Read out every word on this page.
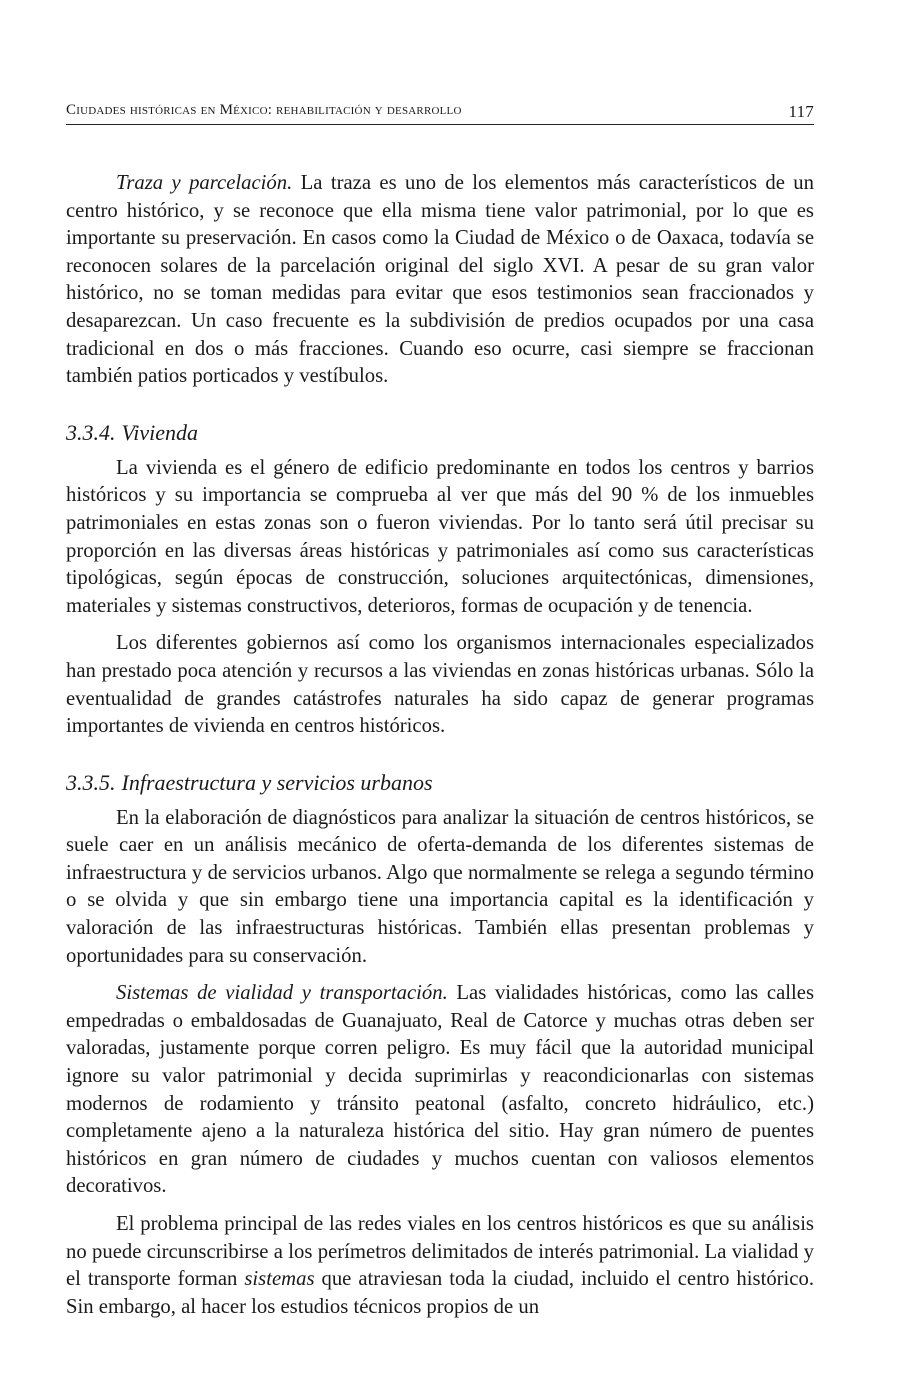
Ciudades históricas en México: rehabilitación y desarrollo	117

Traza y parcelación. La traza es uno de los elementos más característicos de un centro histórico, y se reconoce que ella misma tiene valor patrimonial, por lo que es importante su preservación. En casos como la Ciudad de México o de Oaxaca, todavía se reconocen solares de la parcelación original del siglo XVI. A pesar de su gran valor histórico, no se toman medidas para evitar que esos testimonios sean fraccionados y desaparezcan. Un caso frecuente es la subdivisión de predios ocupados por una casa tradicional en dos o más fracciones. Cuando eso ocurre, casi siempre se fraccionan también patios porticados y vestíbulos.

3.3.4. Vivienda

La vivienda es el género de edificio predominante en todos los centros y barrios históricos y su importancia se comprueba al ver que más del 90 % de los inmuebles patrimoniales en estas zonas son o fueron viviendas. Por lo tanto será útil precisar su proporción en las diversas áreas históricas y patrimoniales así como sus características tipológicas, según épocas de construcción, soluciones arquitectónicas, dimensiones, materiales y sistemas constructivos, deterioros, formas de ocupación y de tenencia.

Los diferentes gobiernos así como los organismos internacionales especializados han prestado poca atención y recursos a las viviendas en zonas históricas urbanas. Sólo la eventualidad de grandes catástrofes naturales ha sido capaz de generar programas importantes de vivienda en centros históricos.

3.3.5. Infraestructura y servicios urbanos

En la elaboración de diagnósticos para analizar la situación de centros históricos, se suele caer en un análisis mecánico de oferta-demanda de los diferentes sistemas de infraestructura y de servicios urbanos. Algo que normalmente se relega a segundo término o se olvida y que sin embargo tiene una importancia capital es la identificación y valoración de las infraestructuras históricas. También ellas presentan problemas y oportunidades para su conservación.

Sistemas de vialidad y transportación. Las vialidades históricas, como las calles empedradas o embaldosadas de Guanajuato, Real de Catorce y muchas otras deben ser valoradas, justamente porque corren peligro. Es muy fácil que la autoridad municipal ignore su valor patrimonial y decida suprimirlas y reacondicionarlas con sistemas modernos de rodamiento y tránsito peatonal (asfalto, concreto hidráulico, etc.) completamente ajeno a la naturaleza histórica del sitio. Hay gran número de puentes históricos en gran número de ciudades y muchos cuentan con valiosos elementos decorativos.

El problema principal de las redes viales en los centros históricos es que su análisis no puede circunscribirse a los perímetros delimitados de interés patrimonial. La vialidad y el transporte forman sistemas que atraviesan toda la ciudad, incluido el centro histórico. Sin embargo, al hacer los estudios técnicos propios de un
